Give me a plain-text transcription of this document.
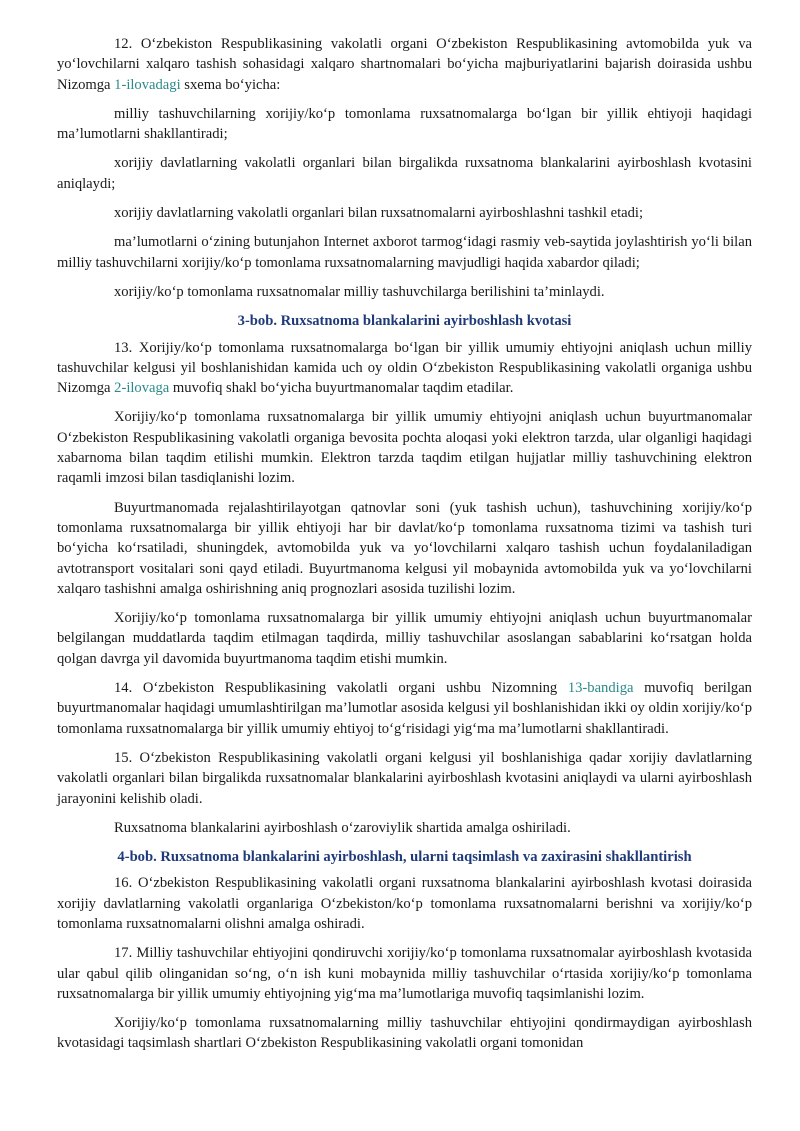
12. O‘zbekiston Respublikasining vakolatli organi O‘zbekiston Respublikasining avtomobilda yuk va yo‘lovchilarni xalqaro tashish sohasidagi xalqaro shartnomalari bo‘yicha majburiyatlarini bajarish doirasida ushbu Nizomga 1-ilovadagi sxema bo‘yicha:

milliy tashuvchilarning xorijiy/ko‘p tomonlama ruxsatnomalarga bo‘lgan bir yillik ehtiyoji haqidagi ma’lumotlarni shakllantiradi;

xorijiy davlatlarning vakolatli organlari bilan birgalikda ruxsatnoma blankalarini ayirboshlash kvotasini aniqlaydi;

xorijiy davlatlarning vakolatli organlari bilan ruxsatnomalarni ayirboshlashni tashkil etadi;

ma’lumotlarni o‘zining butunjahon Internet axborot tarmog‘idagi rasmiy veb-saytida joylashtirish yo‘li bilan milliy tashuvchilarni xorijiy/ko‘p tomonlama ruxsatnomalarning mavjudligi haqida xabardor qiladi;

xorijiy/ko‘p tomonlama ruxsatnomalar milliy tashuvchilarga berilishini ta’minlaydi.

3-bob. Ruxsatnoma blankalarini ayirboshlash kvotasi

13. Xorijiy/ko‘p tomonlama ruxsatnomalarga bo‘lgan bir yillik umumiy ehtiyojni aniqlash uchun milliy tashuvchilar kelgusi yil boshlanishidan kamida uch oy oldin O‘zbekiston Respublikasining vakolatli organiga ushbu Nizomga 2-ilovaga muvofiq shakl bo‘yicha buyurtmanomalar taqdim etadilar.

Xorijiy/ko‘p tomonlama ruxsatnomalarga bir yillik umumiy ehtiyojni aniqlash uchun buyurtmanomalar O‘zbekiston Respublikasining vakolatli organiga bevosita pochta aloqasi yoki elektron tarzda, ular olganligi haqidagi xabarnoma bilan taqdim etilishi mumkin. Elektron tarzda taqdim etilgan hujjatlar milliy tashuvchining elektron raqamli imzosi bilan tasdiqlanishi lozim.

Buyurtmanomada rejalashtirilayotgan qatnovlar soni (yuk tashish uchun), tashuvchining xorijiy/ko‘p tomonlama ruxsatnomalarga bir yillik ehtiyoji har bir davlat/ko‘p tomonlama ruxsatnoma tizimi va tashish turi bo‘yicha ko‘rsatiladi, shuningdek, avtomobilda yuk va yo‘lovchilarni xalqaro tashish uchun foydalaniladigan avtotransport vositalari soni qayd etiladi. Buyurtmanoma kelgusi yil mobaynida avtomobilda yuk va yo‘lovchilarni xalqaro tashishni amalga oshirishning aniq prognozlari asosida tuzilishi lozim.

Xorijiy/ko‘p tomonlama ruxsatnomalarga bir yillik umumiy ehtiyojni aniqlash uchun buyurtmanomalar belgilangan muddatlarda taqdim etilmagan taqdirda, milliy tashuvchilar asoslangan sabablarini ko‘rsatgan holda qolgan davrga yil davomida buyurtmanoma taqdim etishi mumkin.

14. O‘zbekiston Respublikasining vakolatli organi ushbu Nizomning 13-bandiga muvofiq berilgan buyurtmanomalar haqidagi umumlashtirilgan ma’lumotlar asosida kelgusi yil boshlanishidan ikki oy oldin xorijiy/ko‘p tomonlama ruxsatnomalarga bir yillik umumiy ehtiyoj to‘g‘risidagi yig‘ma ma’lumotlarni shakllantiradi.

15. O‘zbekiston Respublikasining vakolatli organi kelgusi yil boshlanishiga qadar xorijiy davlatlarning vakolatli organlari bilan birgalikda ruxsatnomalar blankalarini ayirboshlash kvotasini aniqlaydi va ularni ayirboshlash jarayonini kelishib oladi.

Ruxsatnoma blankalarini ayirboshlash o‘zaroviylik shartida amalga oshiriladi.

4-bob. Ruxsatnoma blankalarini ayirboshlash, ularni taqsimlash va zaxirasini shakllantirish

16. O‘zbekiston Respublikasining vakolatli organi ruxsatnoma blankalarini ayirboshlash kvotasi doirasida xorijiy davlatlarning vakolatli organlariga O‘zbekiston/ko‘p tomonlama ruxsatnomalarni berishni va xorijiy/ko‘p tomonlama ruxsatnomalarni olishni amalga oshiradi.

17. Milliy tashuvchilar ehtiyojini qondiruvchi xorijiy/ko‘p tomonlama ruxsatnomalar ayirboshlash kvotasida ular qabul qilib olinganidan so‘ng, o‘n ish kuni mobaynida milliy tashuvchilar o‘rtasida xorijiy/ko‘p tomonlama ruxsatnomalarga bir yillik umumiy ehtiyojning yig‘ma ma’lumotlariga muvofiq taqsimlanishi lozim.

Xorijiy/ko‘p tomonlama ruxsatnomalarning milliy tashuvchilar ehtiyojini qondirmaydigan ayirboshlash kvotasidagi taqsimlash shartlari O‘zbekiston Respublikasining vakolatli organi tomonidan
